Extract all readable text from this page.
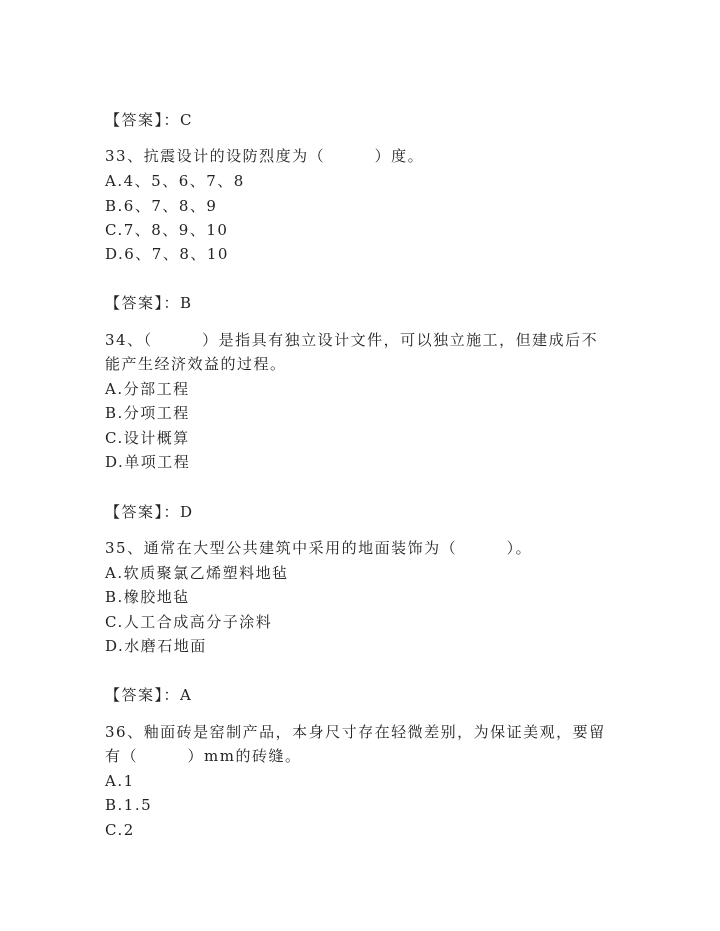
【答案】：C
33、抗震设计的设防烈度为（　　　）度。
A.4、5、6、7、8
B.6、7、8、9
C.7、8、9、10
D.6、7、8、10
【答案】：B
34、（　　　）是指具有独立设计文件，可以独立施工，但建成后不
能产生经济效益的过程。
A.分部工程
B.分项工程
C.设计概算
D.单项工程
【答案】：D
35、通常在大型公共建筑中采用的地面装饰为（　　　）。
A.软质聚氯乙烯塑料地毡
B.橡胶地毡
C.人工合成高分子涂料
D.水磨石地面
【答案】：A
36、釉面砖是窑制产品，本身尺寸存在轻微差别，为保证美观，要留
有（　　　）mm的砖缝。
A.1
B.1.5
C.2
